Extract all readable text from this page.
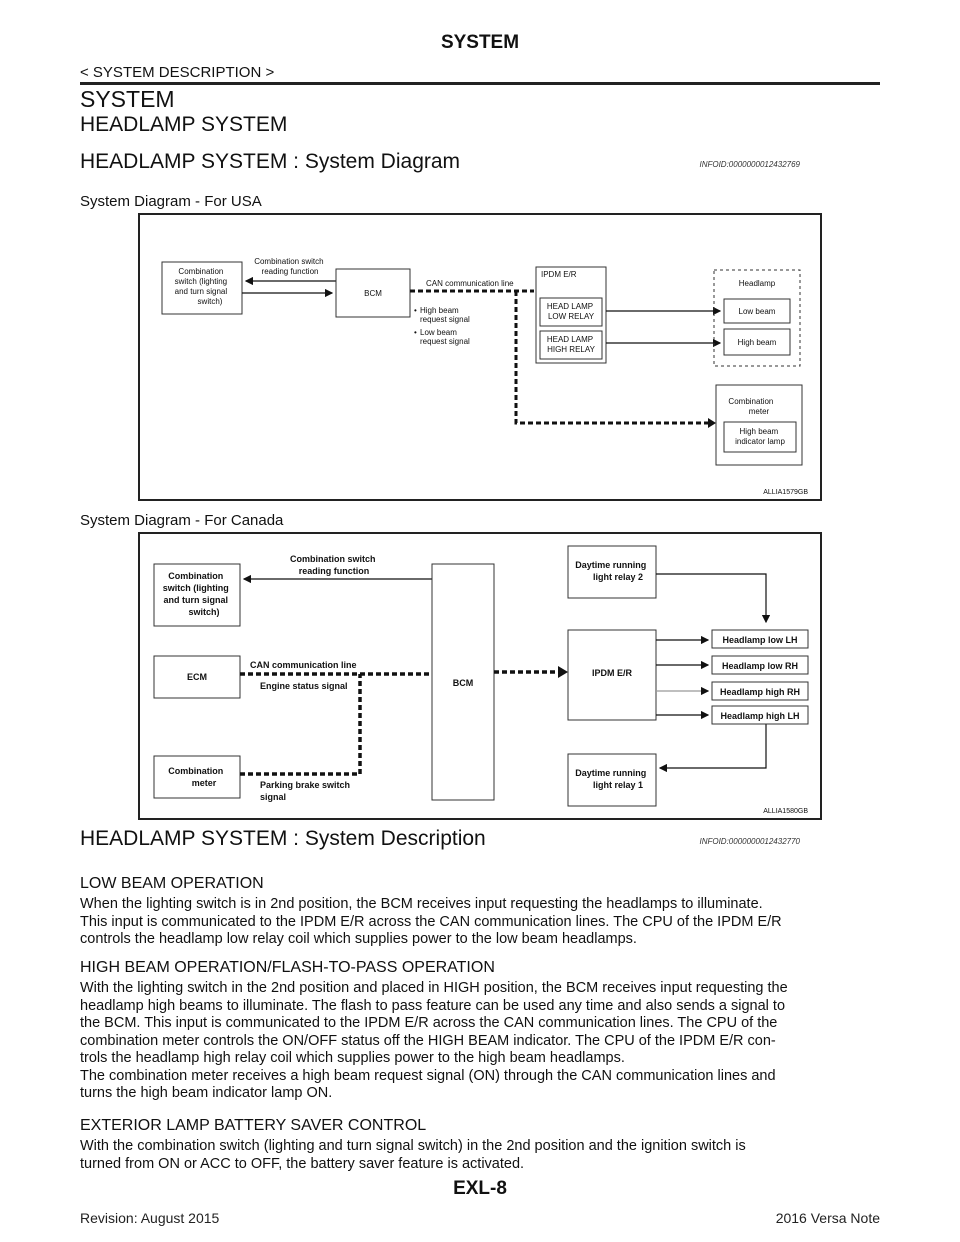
SYSTEM
< SYSTEM DESCRIPTION >
SYSTEM
HEADLAMP SYSTEM
HEADLAMP SYSTEM : System Diagram	INFOID:0000000012432769
System Diagram - For USA
Combination switch (lighting and turn signal switch)
Combination switch reading function
BCM
CAN communication line
• High beam request signal
• Low beam request signal
IPDM E/R
HEAD LAMP LOW RELAY
HEAD LAMP HIGH RELAY
Headlamp
Low beam
High beam
Combination meter
High beam indicator lamp
ALLIA1579GB
System Diagram - For Canada
Combination switch (lighting and turn signal switch)
Combination switch reading function
ECM
CAN communication line
Engine status signal
Combination meter	Parking brake switch signal
BCM
IPDM E/R
Daytime running light relay 2
Daytime running light relay 1
Headlamp low LH
Headlamp low RH
Headlamp high RH
Headlamp high LH
ALLIA1580GB
HEADLAMP SYSTEM : System Description	INFOID:0000000012432770
LOW BEAM OPERATION
When the lighting switch is in 2nd position, the BCM receives input requesting the headlamps to illuminate.
This input is communicated to the IPDM E/R across the CAN communication lines. The CPU of the IPDM E/R
controls the headlamp low relay coil which supplies power to the low beam headlamps.
HIGH BEAM OPERATION/FLASH-TO-PASS OPERATION
With the lighting switch in the 2nd position and placed in HIGH position, the BCM receives input requesting the
headlamp high beams to illuminate. The flash to pass feature can be used any time and also sends a signal to
the BCM. This input is communicated to the IPDM E/R across the CAN communication lines. The CPU of the
combination meter controls the ON/OFF status off the HIGH BEAM indicator. The CPU of the IPDM E/R con-
trols the headlamp high relay coil which supplies power to the high beam headlamps.
The combination meter receives a high beam request signal (ON) through the CAN communication lines and
turns the high beam indicator lamp ON.
EXTERIOR LAMP BATTERY SAVER CONTROL
With the combination switch (lighting and turn signal switch) in the 2nd position and the ignition switch is
turned from ON or ACC to OFF, the battery saver feature is activated.
EXL-8
Revision: August 2015	2016 Versa Note
